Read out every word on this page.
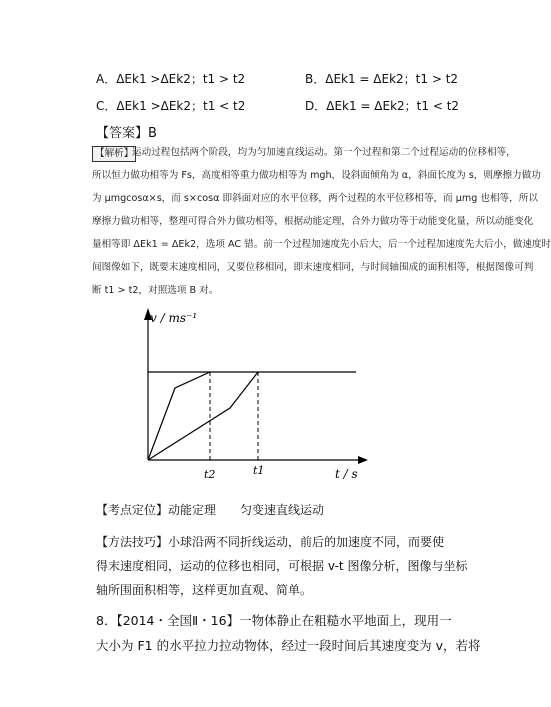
A．ΔEk1 >ΔEk2；t1 > t2	B．ΔEk1 = ΔEk2；t1 > t2
C．ΔEk1 >ΔEk2；t1 < t2	D．ΔEk1 = ΔEk2；t1 < t2
【答案】B
【解析】
运动过程包括两个阶段，均为匀加速直线运动。第一个过程和第二个过程运动的位移相等，
所以恒力做功相等为 Fs，高度相等重力做功相等为 mgh，设斜面倾角为 α，斜面长度为 s，则摩擦力做功
为 μmgcosα×s，而 s×cosα 即斜面对应的水平位移，两个过程的水平位移相等，而 μmg 也相等，所以
摩擦力做功相等，整理可得合外力做功相等，根据动能定理，合外力做功等于动能变化量，所以动能变化
量相等即 ΔEk1 = ΔEk2，选项 AC 错。前一个过程加速度先小后大，后一个过程加速度先大后小，做速度时
间图像如下，既要末速度相同，又要位移相同，即末速度相同，与时间轴围成的面积相等，根据图像可判
断 t1 > t2，对照选项 B 对。
v / ms⁻¹
t / s
t2	t1
【考点定位】动能定理　　匀变速直线运动
【方法技巧】小球沿两不同折线运动，前后的加速度不同，而要使
得末速度相同，运动的位移也相同，可根据 v-t 图像分析，图像与坐标
轴所围面积相等，这样更加直观、简单。
8．【2014・全国Ⅱ・16】一物体静止在粗糙水平地面上，现用一
大小为 F1 的水平拉力拉动物体，经过一段时间后其速度变为 v，若将
